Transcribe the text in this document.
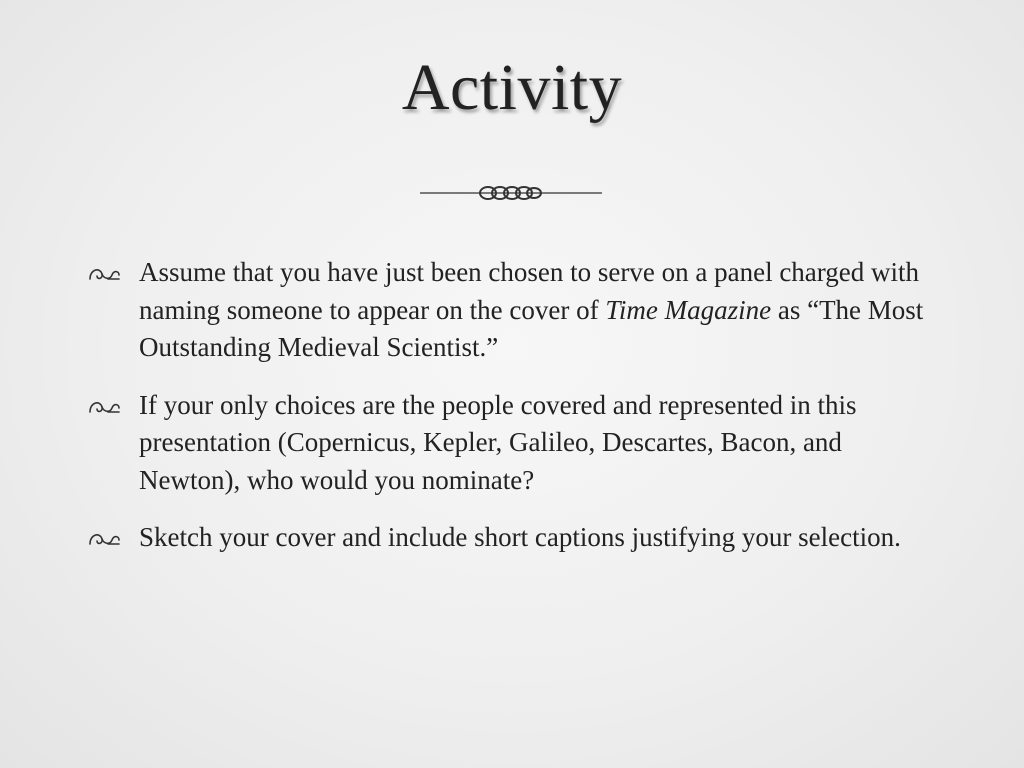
Activity
Assume that you have just been chosen to serve on a panel charged with naming someone to appear on the cover of Time Magazine as “The Most Outstanding Medieval Scientist.”
If your only choices are the people covered and represented in this presentation (Copernicus, Kepler, Galileo, Descartes, Bacon, and Newton), who would you nominate?
Sketch your cover and include short captions justifying your selection.
